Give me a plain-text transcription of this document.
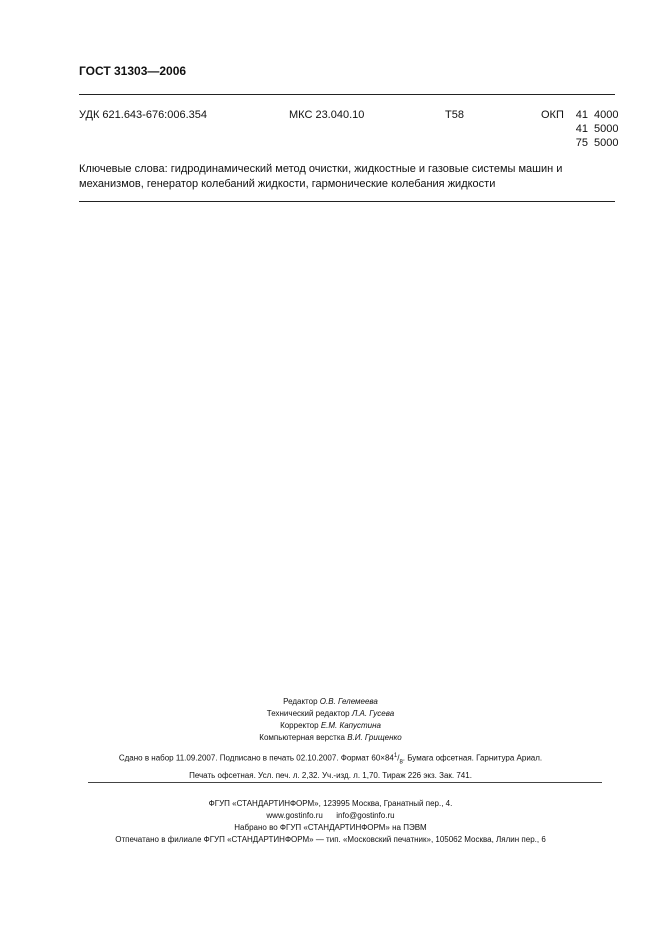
ГОСТ 31303—2006
УДК 621.643-676:006.354	МКС 23.040.10	Т58	ОКП	41 4000
41 5000
75 5000
Ключевые слова: гидродинамический метод очистки, жидкостные и газовые системы машин и механизмов, генератор колебаний жидкости, гармонические колебания жидкости
Редактор О.В. Гелемеева
Технический редактор Л.А. Гусева
Корректор Е.М. Капустина
Компьютерная верстка В.И. Грищенко
Сдано в набор 11.09.2007. Подписано в печать 02.10.2007. Формат $60\times 84^1/_8$. Бумага офсетная. Гарнитура Ариал.
Печать офсетная. Усл. печ. л. 2,32. Уч.-изд. л. 1,70. Тираж 226 экз. Зак. 741.
ФГУП «СТАНДАРТИНФОРМ», 123995 Москва, Гранатный пер., 4.
www.gostinfo.ru info@gostinfo.ru
Набрано во ФГУП «СТАНДАРТИНФОРМ» на ПЭВМ
Отпечатано в филиале ФГУП «СТАНДАРТИНФОРМ» — тип. «Московский печатник», 105062 Москва, Лялин пер., 6
